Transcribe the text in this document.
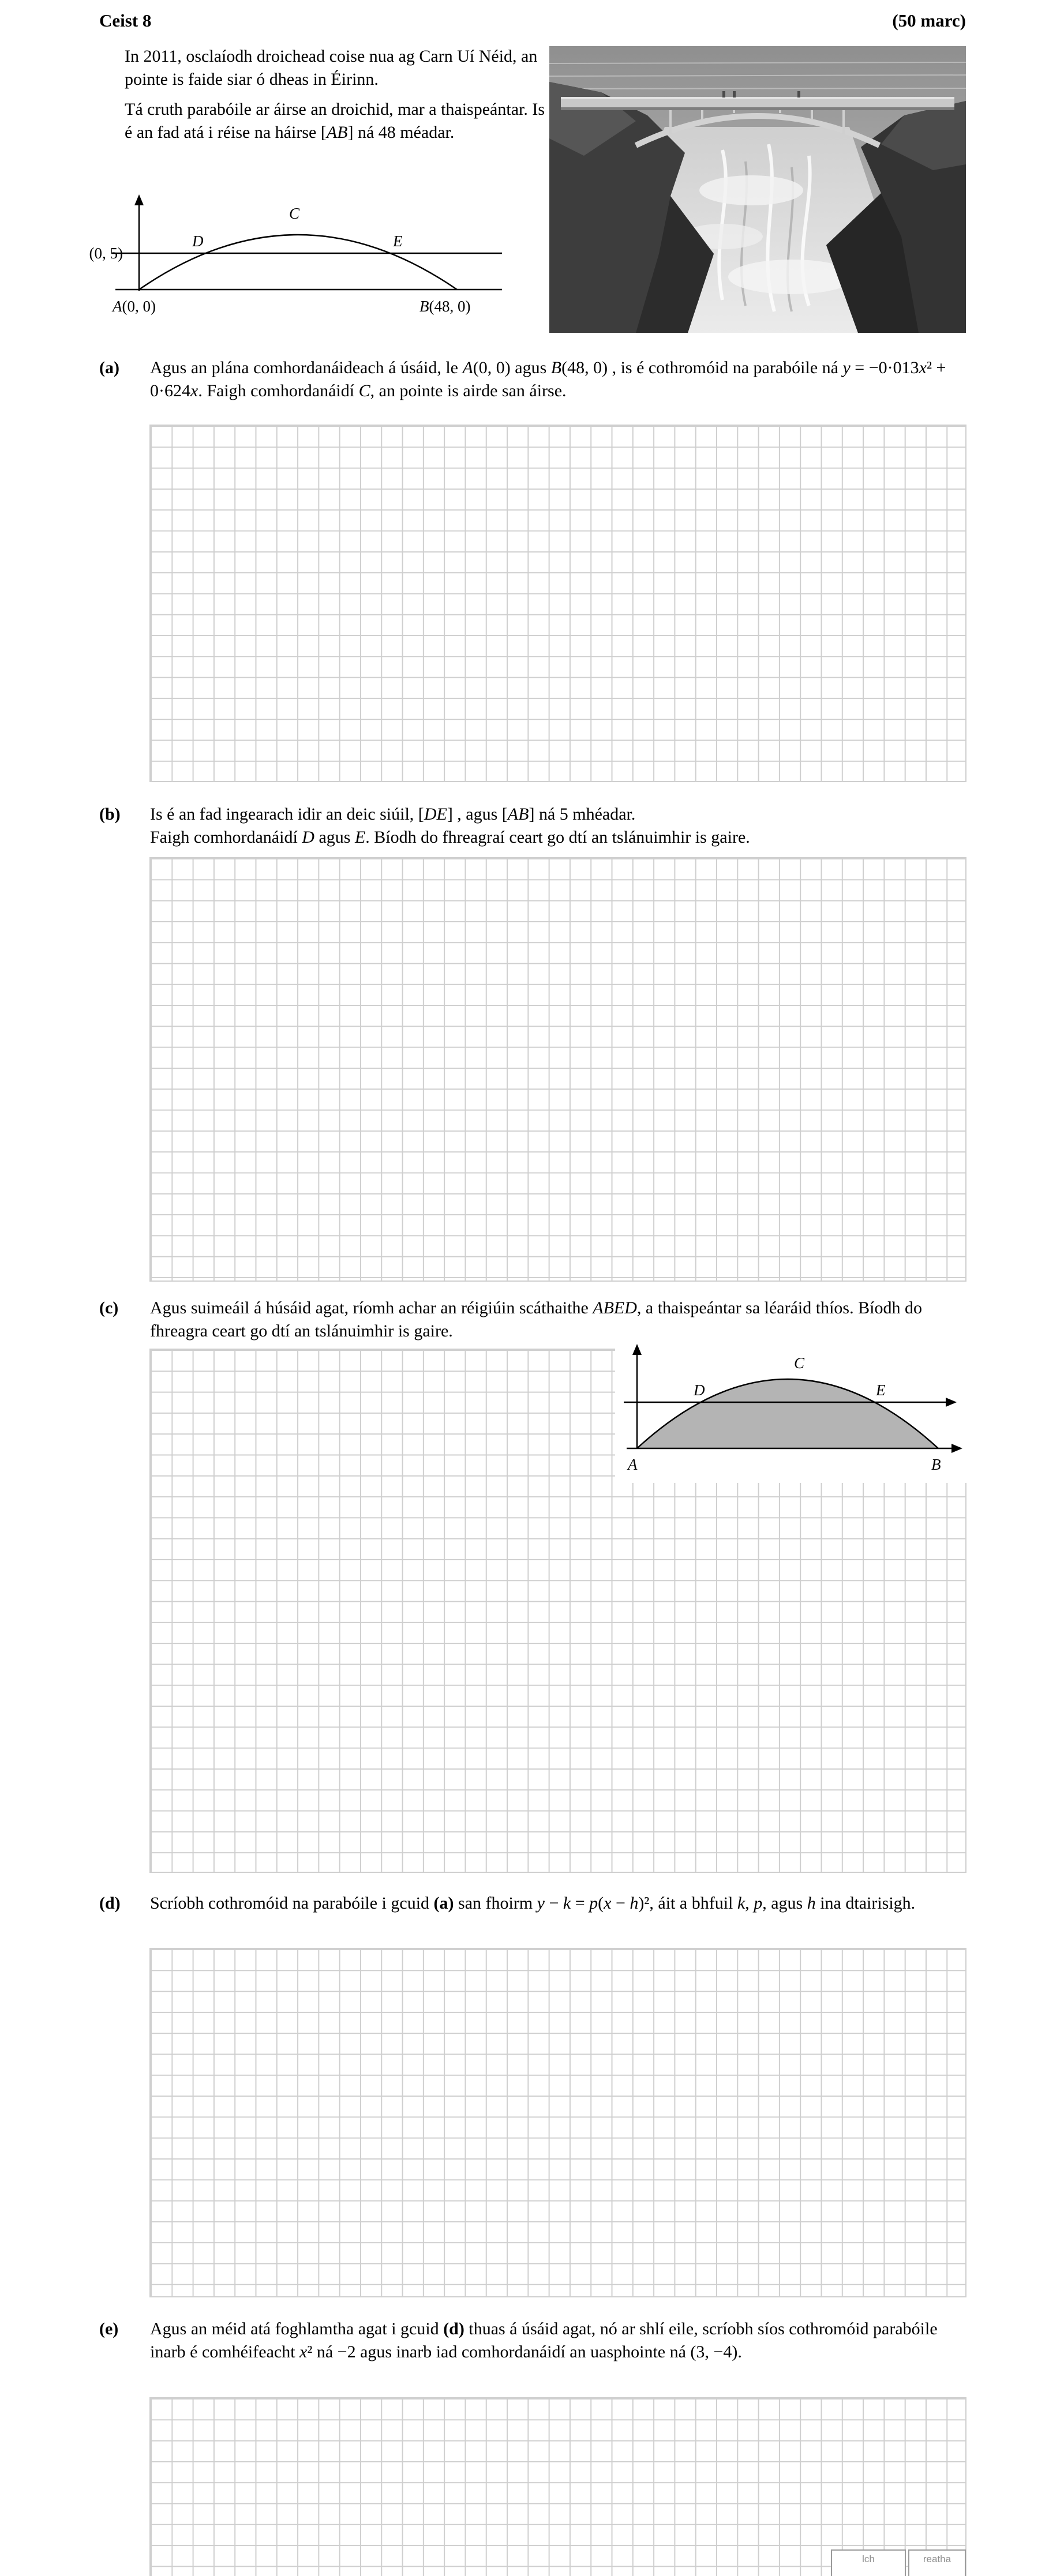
Ceist 8	(50 marc)
In 2011, osclaíodh droichead coise nua ag Carn Uí Néid, an pointe is faide siar ó dheas in Éirinn.
Tá cruth parabóile ar áirse an droichid, mar a thaispeántar. Is é an fad atá i réise na háirse [AB] ná 48 méadar.
(0, 5)
D
C
E
A(0, 0)	B(48, 0)
(a) Agus an plána comhordanáideach á úsáid, le A(0, 0) agus B(48, 0) , is é cothromóid na parabóile ná y = −0·013x² + 0·624x. Faigh comhordanáidí C, an pointe is airde san áirse.
(b) Is é an fad ingearach idir an deic siúil, [DE] , agus [AB] ná 5 mhéadar.
Faigh comhordanáidí D agus E. Bíodh do fhreagraí ceart go dtí an tslánuimhir is gaire.
(c) Agus suimeáil á húsáid agat, ríomh achar an réigiúin scáthaithe ABED, a thaispeántar sa léaráid thíos. Bíodh do fhreagra ceart go dtí an tslánuimhir is gaire.
A	B
D
C
E
(d) Scríobh cothromóid na parabóile i gcuid (a) san fhoirm y − k = p(x − h)², áit a bhfuil k, p, agus h ina dtairisigh.
(e) Agus an méid atá foghlamtha agat i gcuid (d) thuas á úsáid agat, nó ar shlí eile, scríobh síos cothromóid parabóile inarb é comhéifeacht x² ná −2 agus inarb iad comhordanáidí an uasphointe ná (3, −4).
lch	reatha
